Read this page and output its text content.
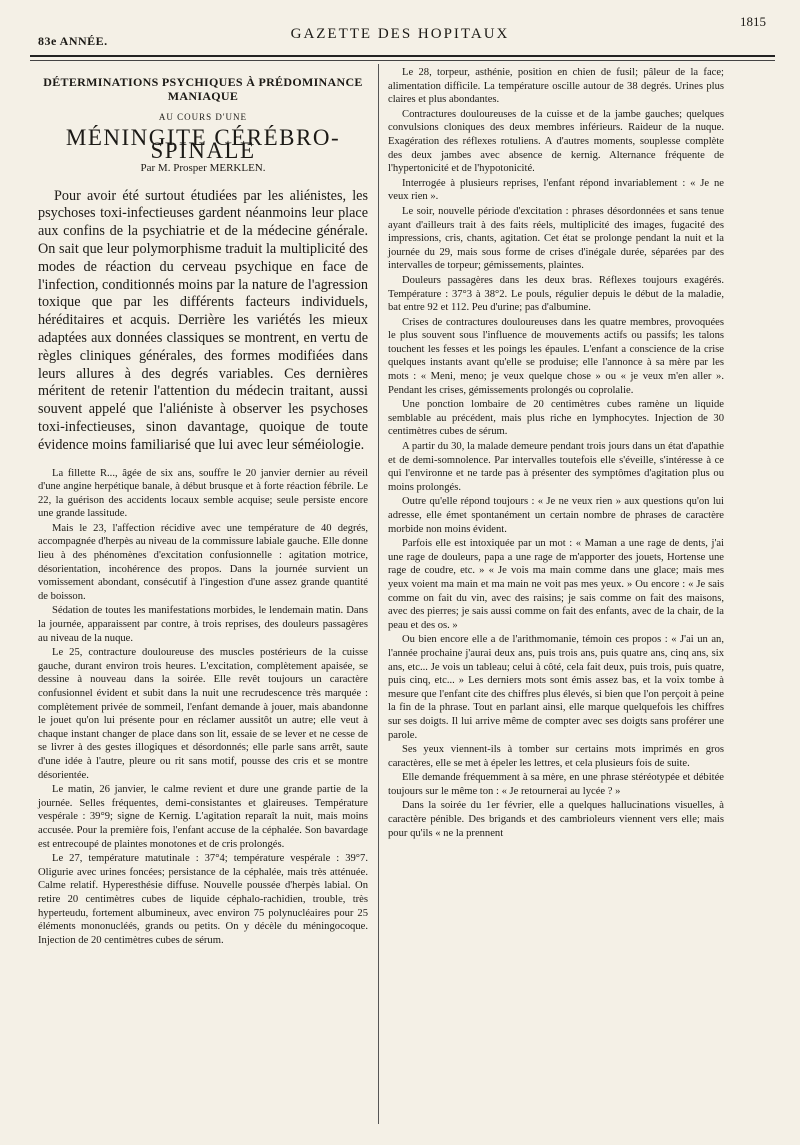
83e ANNÉE.	GAZETTE DES HOPITAUX
1815
DÉTERMINATIONS PSYCHIQUES À PRÉDOMINANCE MANIAQUE
AU COURS D'UNE
MÉNINGITE CÉRÉBRO-SPINALE
Par M. Prosper MERKLEN.

Pour avoir été surtout étudiées par les aliénistes, les psychoses toxi-infectieuses gardent néanmoins leur place aux confins de la psychiatrie et de la médecine générale. On sait que leur polymorphisme traduit la multiplicité des modes de réaction du cerveau psychique en face de l'infection, conditionnés moins par la nature de l'agression toxique que par les différents facteurs individuels, héréditaires et acquis. Derrière les variétés les mieux adaptées aux données classiques se montrent, en vertu de règles cliniques générales, des formes modifiées dans leurs allures à des degrés variables. Ces dernières méritent de retenir l'attention du médecin traitant, aussi souvent appelé que l'aliéniste à observer les psychoses toxi-infectieuses, sinon davantage, quoique de toute évidence moins familiarisé que lui avec leur séméiologie.

La fillette R..., âgée de six ans, souffre le 20 janvier dernier au réveil d'une angine herpétique banale, à début brusque et à forte réaction fébrile. Le 22, la guérison des accidents locaux semble acquise; seule persiste encore une grande lassitude.

Mais le 23, l'affection récidive avec une température de 40 degrés, accompagnée d'herpès au niveau de la commissure labiale gauche. Elle donne lieu à des phénomènes d'excitation confusionnelle : agitation motrice, désorientation, incohérence des propos. Dans la journée survient un vomissement abondant, consécutif à l'ingestion d'une assez grande quantité de boisson.

Sédation de toutes les manifestations morbides, le lendemain matin. Dans la journée, apparaissent par contre, à trois reprises, des douleurs passagères au niveau de la nuque.

Le 25, contracture douloureuse des muscles postérieurs de la cuisse gauche, durant environ trois heures. L'excitation, complètement apaisée, se dessine à nouveau dans la soirée. Elle revêt toujours un caractère confusionnel évident et subit dans la nuit une recrudescence très marquée : complètement privée de sommeil, l'enfant demande à jouer, mais abandonne le jouet qu'on lui présente pour en réclamer aussitôt un autre; elle veut à chaque instant changer de place dans son lit, essaie de se lever et ne cesse de se livrer à des gestes illogiques et désordonnés; elle parle sans arrêt, saute d'une idée à l'autre, pleure ou rit sans motif, pousse des cris et se montre désorientée.

Le matin, 26 janvier, le calme revient et dure une grande partie de la journée. Selles fréquentes, demi-consistantes et glaireuses. Température vespérale : 39°9; signe de Kernig. L'agitation reparaît la nuit, mais moins accusée. Pour la première fois, l'enfant accuse de la céphalée. Son bavardage est entrecoupé de plaintes monotones et de cris prolongés.

Le 27, température matutinale : 37°4; température vespérale : 39°7. Oligurie avec urines foncées; persistance de la céphalée, mais très atténuée. Calme relatif. Hyperesthésie diffuse. Nouvelle poussée d'herpès labial. On retire 20 centimètres cubes de liquide céphalo-rachidien, trouble, très hyperteudu, fortement albumineux, avec environ 75 polynucléaires pour 25 éléments mononucléés, grands ou petits. On y décèle du méningocoque. Injection de 20 centimètres cubes de sérum.

Le 28, torpeur, asthénie, position en chien de fusil; pâleur de la face; alimentation difficile. La température oscille autour de 38 degrés. Urines plus claires et plus abondantes.

Contractures douloureuses de la cuisse et de la jambe gauches; quelques convulsions cloniques des deux membres inférieurs. Raideur de la nuque. Exagération des réflexes rotuliens. A d'autres moments, souplesse complète des deux jambes avec absence de kernig. Alternance fréquente de l'hypertonicité et de l'hypotonicité.

Interrogée à plusieurs reprises, l'enfant répond invariablement : « Je ne veux rien ».

Le soir, nouvelle période d'excitation : phrases désordonnées et sans tenue ayant d'ailleurs trait à des faits réels, multiplicité des images, fugacité des impressions, cris, chants, agitation. Cet état se prolonge pendant la nuit et la journée du 29, mais sous forme de crises d'inégale durée, séparées par des intervalles de torpeur; gémissements, plaintes.

Douleurs passagères dans les deux bras. Réflexes toujours exagérés. Température : 37°3 à 38°2. Le pouls, régulier depuis le début de la maladie, bat entre 92 et 112. Peu d'urine; pas d'albumine.

Crises de contractures douloureuses dans les quatre membres, provoquées le plus souvent sous l'influence de mouvements actifs ou passifs; les talons touchent les fesses et les poings les épaules. L'enfant a conscience de la crise quelques instants avant qu'elle se produise; elle l'annonce à sa mère par les mots : « Meni, meno; je veux quelque chose » ou « je veux m'en aller ». Pendant les crises, gémissements prolongés ou coprolalie.

Une ponction lombaire de 20 centimètres cubes ramène un liquide semblable au précédent, mais plus riche en lymphocytes. Injection de 30 centimètres cubes de sérum.

A partir du 30, la malade demeure pendant trois jours dans un état d'apathie et de demi-somnolence. Par intervalles toutefois elle s'éveille, s'intéresse à ce qui l'environne et ne tarde pas à présenter des symptômes d'agitation plus ou moins prolongés.

Outre qu'elle répond toujours : « Je ne veux rien » aux questions qu'on lui adresse, elle émet spontanément un certain nombre de phrases de caractère morbide non moins évident.

Parfois elle est intoxiquée par un mot : « Maman a une rage de dents, j'ai une rage de douleurs, papa a une rage de m'apporter des jouets, Hortense une rage de coudre, etc. » « Je vois ma main comme dans une glace; mais mes yeux voient ma main et ma main ne voit pas mes yeux. » Ou encore : « Je sais comme on fait du vin, avec des raisins; je sais comme on fait des maisons, avec des pierres; je sais aussi comme on fait des enfants, avec de la chair, de la peau et des os. »

Ou bien encore elle a de l'arithmomanie, témoin ces propos : « J'ai un an, l'année prochaine j'aurai deux ans, puis trois ans, puis quatre ans, cinq ans, six ans, etc... Je vois un tableau; celui à côté, cela fait deux, puis trois, puis quatre, puis cinq, etc... » Les derniers mots sont émis assez bas, et la voix tombe à mesure que l'enfant cite des chiffres plus élevés, si bien que l'on perçoit à peine la fin de la phrase. Tout en parlant ainsi, elle marque quelquefois les chiffres sur ses doigts. Il lui arrive même de compter avec ses doigts sans proférer une parole.

Ses yeux viennent-ils à tomber sur certains mots imprimés en gros caractères, elle se met à épeler les lettres, et cela plusieurs fois de suite.

Elle demande fréquemment à sa mère, en une phrase stéréotypée et débitée toujours sur le même ton : « Je retournerai au lycée ? »

Dans la soirée du 1er février, elle a quelques hallucinations visuelles, à caractère pénible. Des brigands et des cambrioleurs viennent vers elle; mais pour qu'ils « ne la prennent
